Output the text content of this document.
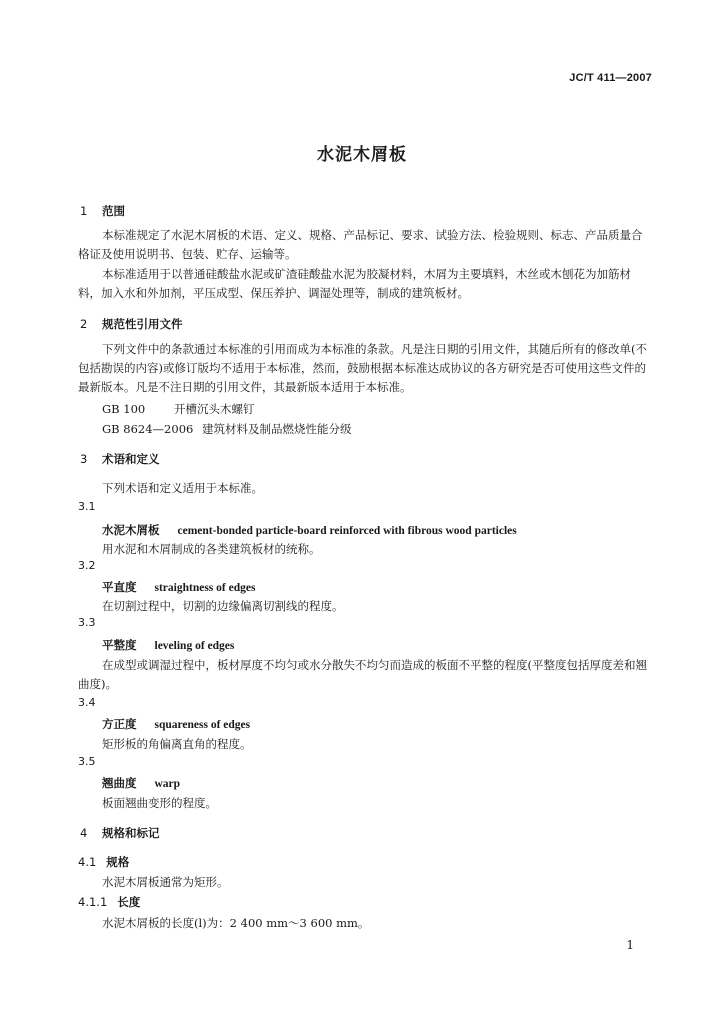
JC/T 411—2007
水泥木屑板
1 范围
本标准规定了水泥木屑板的术语、定义、规格、产品标记、要求、试验方法、检验规则、标志、产品质量合格证及使用说明书、包装、贮存、运输等。
本标准适用于以普通硅酸盐水泥或矿渣硅酸盐水泥为胶凝材料，木屑为主要填料，木丝或木刨花为加筋材料，加入水和外加剂，平压成型、保压养护、调湿处理等，制成的建筑板材。
2 规范性引用文件
下列文件中的条款通过本标准的引用而成为本标准的条款。凡是注日期的引用文件，其随后所有的修改单(不包括勘误的内容)或修订版均不适用于本标准，然而，鼓励根据本标准达成协议的各方研究是否可使用这些文件的最新版本。凡是不注日期的引用文件，其最新版本适用于本标准。
GB 100	开槽沉头木螺钉
GB 8624—2006 建筑材料及制品燃烧性能分级
3 术语和定义
下列术语和定义适用于本标准。
3.1
水泥木屑板 cement-bonded particle-board reinforced with fibrous wood particles
用水泥和木屑制成的各类建筑板材的统称。
3.2
平直度 straightness of edges
在切割过程中，切割的边缘偏离切割线的程度。
3.3
平整度 leveling of edges
在成型或调湿过程中，板材厚度不均匀或水分散失不均匀而造成的板面不平整的程度(平整度包括厚度差和翘曲度)。
3.4
方正度 squareness of edges
矩形板的角偏离直角的程度。
3.5
翘曲度 warp
板面翘曲变形的程度。
4 规格和标记
4.1 规格
水泥木屑板通常为矩形。
4.1.1 长度
水泥木屑板的长度(l)为：2 400 mm～3 600 mm。
1
